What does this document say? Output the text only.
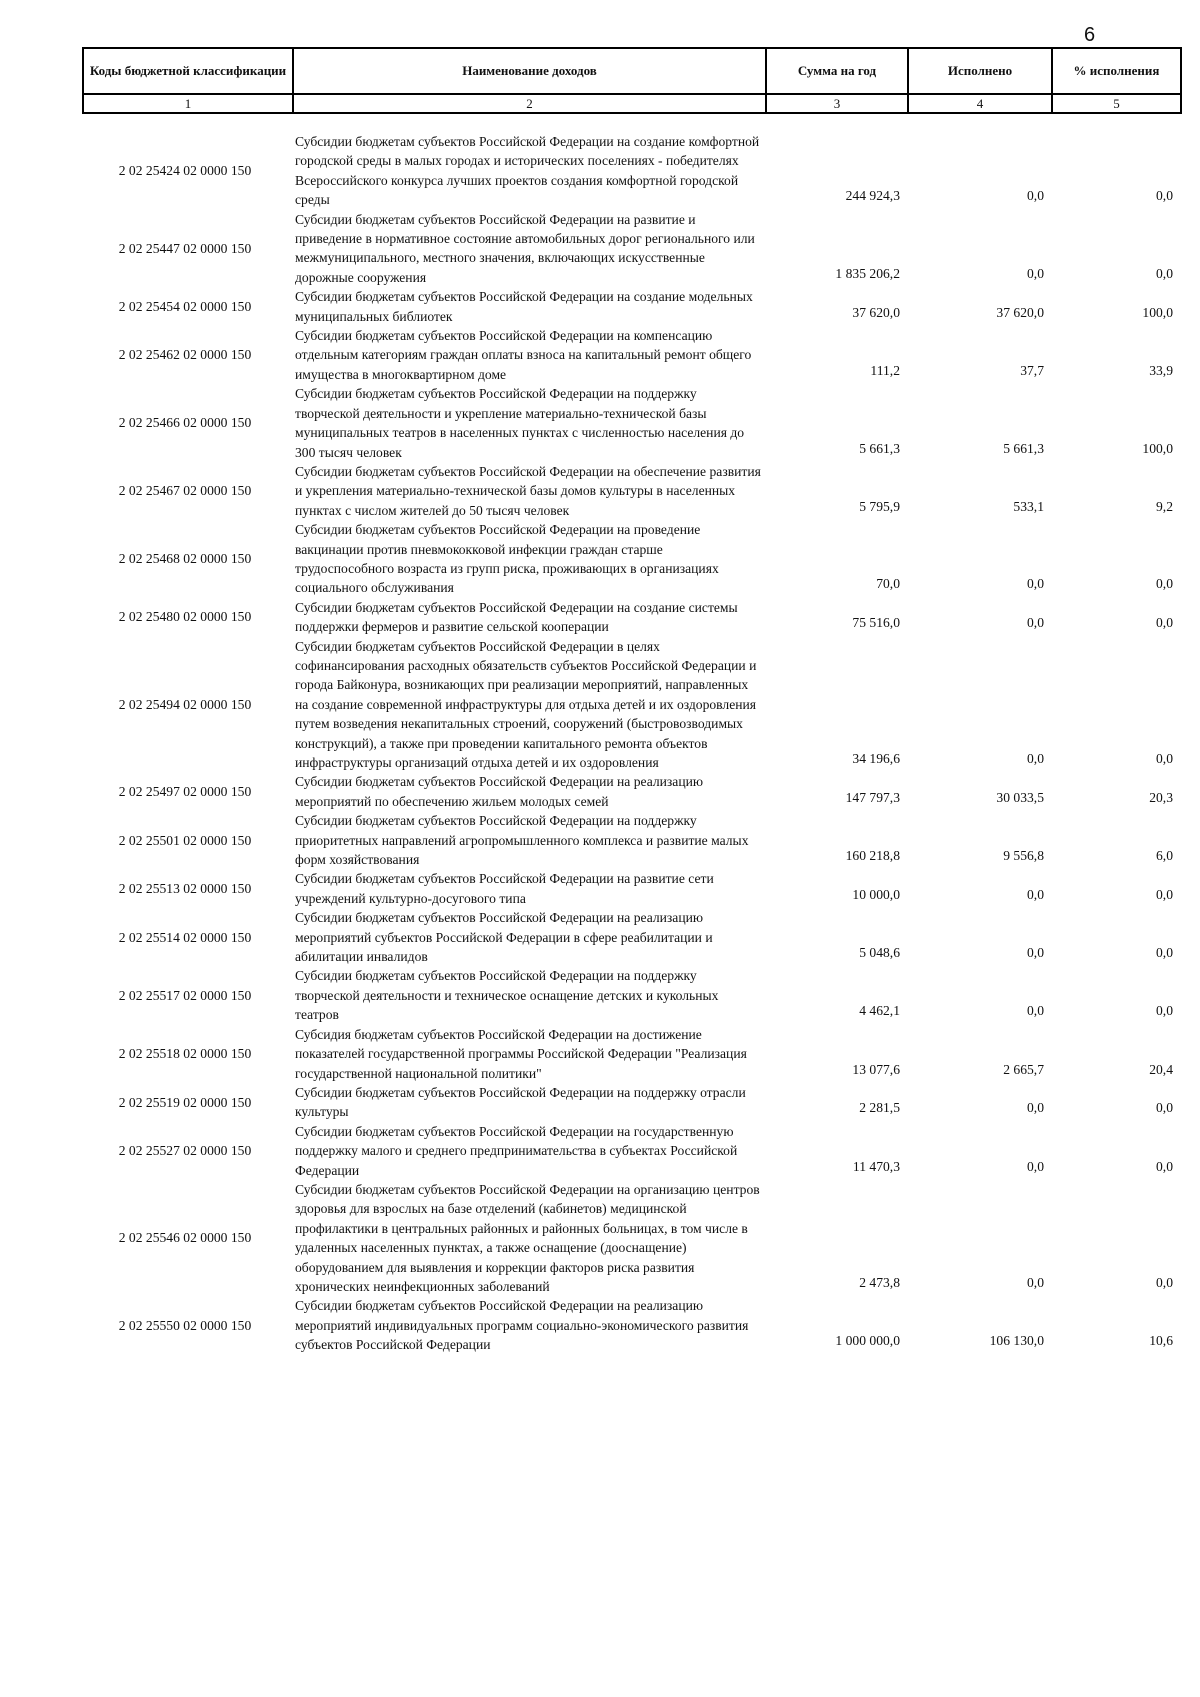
6
Коды бюджетной классификации	Наименование доходов	Сумма на год	Исполнено	% исполнения
1	2	3	4	5

2 02 25424 02 0000 150	Субсидии бюджетам субъектов Российской Федерации на создание комфортной городской среды в малых городах и исторических поселениях - победителях Всероссийского конкурса лучших проектов создания комфортной городской среды	244 924,3	0,0	0,0
2 02 25447 02 0000 150	Субсидии бюджетам субъектов Российской Федерации на развитие и приведение в нормативное состояние автомобильных дорог регионального или межмуниципального, местного значения, включающих искусственные дорожные сооружения	1 835 206,2	0,0	0,0
2 02 25454 02 0000 150	Субсидии бюджетам субъектов Российской Федерации на создание модельных муниципальных библиотек	37 620,0	37 620,0	100,0
2 02 25462 02 0000 150	Субсидии бюджетам субъектов Российской Федерации на компенсацию отдельным категориям граждан оплаты взноса на капитальный ремонт общего имущества в многоквартирном доме	111,2	37,7	33,9
2 02 25466 02 0000 150	Субсидии бюджетам субъектов Российской Федерации на поддержку творческой деятельности и укрепление материально-технической базы муниципальных театров в населенных пунктах с численностью населения до 300 тысяч человек	5 661,3	5 661,3	100,0
2 02 25467 02 0000 150	Субсидии бюджетам субъектов Российской Федерации на обеспечение развития и укрепления материально-технической базы домов культуры в населенных пунктах с числом жителей до 50 тысяч человек	5 795,9	533,1	9,2
2 02 25468 02 0000 150	Субсидии бюджетам субъектов Российской Федерации на проведение вакцинации против пневмококковой инфекции граждан старше трудоспособного возраста из групп риска, проживающих в организациях социального обслуживания	70,0	0,0	0,0
2 02 25480 02 0000 150	Субсидии бюджетам субъектов Российской Федерации на создание системы поддержки фермеров и развитие сельской кооперации	75 516,0	0,0	0,0
2 02 25494 02 0000 150	Субсидии бюджетам субъектов Российской Федерации в целях софинансирования расходных обязательств субъектов Российской Федерации и города Байконура, возникающих при реализации мероприятий, направленных на создание современной инфраструктуры для отдыха детей и их оздоровления путем возведения некапитальных строений, сооружений (быстровозводимых конструкций), а также при проведении капитального ремонта объектов инфраструктуры организаций отдыха детей и их оздоровления	34 196,6	0,0	0,0
2 02 25497 02 0000 150	Субсидии бюджетам субъектов Российской Федерации на реализацию мероприятий по обеспечению жильем молодых семей	147 797,3	30 033,5	20,3
2 02 25501 02 0000 150	Субсидии бюджетам субъектов Российской Федерации на поддержку приоритетных направлений агропромышленного комплекса и развитие малых форм хозяйствования	160 218,8	9 556,8	6,0
2 02 25513 02 0000 150	Субсидии бюджетам субъектов Российской Федерации на развитие сети учреждений культурно-досугового типа	10 000,0	0,0	0,0
2 02 25514 02 0000 150	Субсидии бюджетам субъектов Российской Федерации на реализацию мероприятий субъектов Российской Федерации в сфере реабилитации и абилитации инвалидов	5 048,6	0,0	0,0
2 02 25517 02 0000 150	Субсидии бюджетам субъектов Российской Федерации на поддержку творческой деятельности и техническое оснащение детских и кукольных театров	4 462,1	0,0	0,0
2 02 25518 02 0000 150	Субсидия бюджетам субъектов Российской Федерации на достижение показателей государственной программы Российской Федерации "Реализация государственной национальной политики"	13 077,6	2 665,7	20,4
2 02 25519 02 0000 150	Субсидии бюджетам субъектов Российской Федерации на поддержку отрасли культуры	2 281,5	0,0	0,0
2 02 25527 02 0000 150	Субсидии бюджетам субъектов Российской Федерации на государственную поддержку малого и среднего предпринимательства в субъектах Российской Федерации	11 470,3	0,0	0,0
2 02 25546 02 0000 150	Субсидии бюджетам субъектов Российской Федерации на организацию центров здоровья для взрослых на базе отделений (кабинетов) медицинской профилактики в центральных районных и районных больницах, в том числе в удаленных населенных пунктах, а также оснащение (дооснащение) оборудованием для выявления и коррекции факторов риска развития хронических неинфекционных заболеваний	2 473,8	0,0	0,0
2 02 25550 02 0000 150	Субсидии бюджетам субъектов Российской Федерации на реализацию мероприятий индивидуальных программ социально-экономического развития субъектов Российской Федерации	1 000 000,0	106 130,0	10,6
